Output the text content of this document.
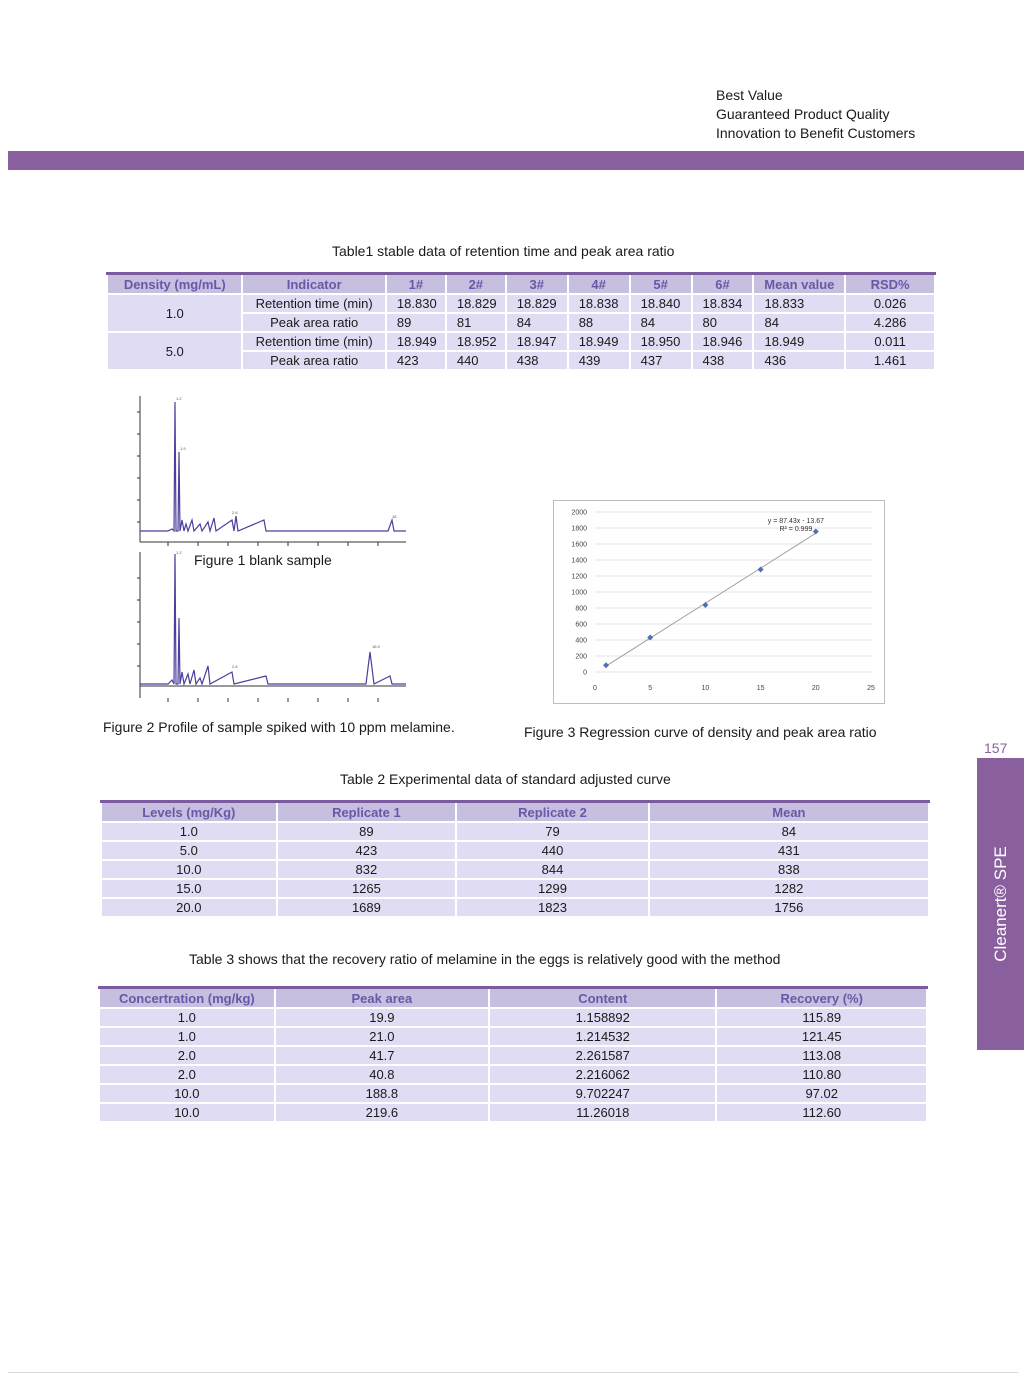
Best Value
Guaranteed Product Quality
Innovation to Benefit Customers
Table1 stable data of retention time and peak area ratio
Density (mg/mL)	Indicator	1#	2#	3#	4#	5#	6#	Mean value	RSD%
1.0	Retention time (min)	18.830	18.829	18.829	18.838	18.840	18.834	18.833	0.026
	Peak area ratio	89	81	84	88	84	80	84	4.286
5.0	Retention time (min)	18.949	18.952	18.947	18.949	18.950	18.946	18.949	0.011
	Peak area ratio	423	440	438	439	437	438	436	1.461
1.2
1.9
2.6
18
Figure 1 blank sample
1.2
2.6
18.9
Figure 2 Profile of sample spiked with 10 ppm melamine.
0
200
400
600
800
1000
1200
1400
1600
1800
2000
0	5	10	15	20	25
y = 87.43x - 13.67
R² = 0.999
Figure 3 Regression curve of density and peak area ratio
157
Cleanert® SPE
Table 2 Experimental data of standard adjusted curve
Levels (mg/Kg)	Replicate 1	Replicate 2	Mean
1.0	89	79	84
5.0	423	440	431
10.0	832	844	838
15.0	1265	1299	1282
20.0	1689	1823	1756
Table 3 shows that the recovery ratio of melamine in the eggs is relatively good with the method
Concertration (mg/kg)	Peak area	Content	Recovery (%)
1.0	19.9	1.158892	115.89
1.0	21.0	1.214532	121.45
2.0	41.7	2.261587	113.08
2.0	40.8	2.216062	110.80
10.0	188.8	9.702247	97.02
10.0	219.6	11.26018	112.60
